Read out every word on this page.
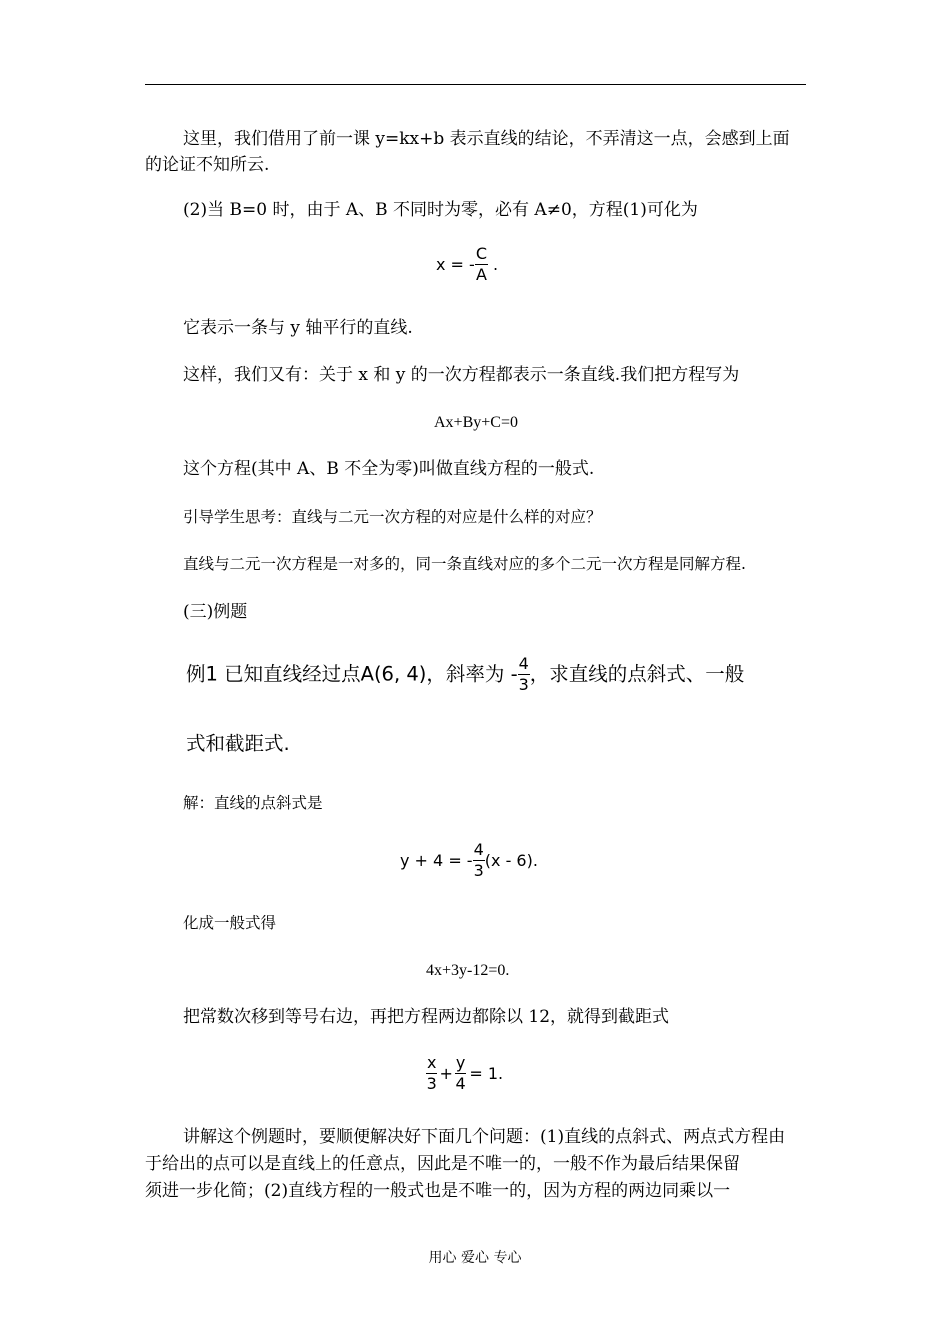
这里，我们借用了前一课 y=kx+b 表示直线的结论，不弄清这一点，会感到上面
的论证不知所云.
(2)当 B=0 时，由于 A、B 不同时为零，必有 A≠0，方程(1)可化为
x = - $\frac{C}{A}$ .
它表示一条与 y 轴平行的直线.
这样，我们又有：关于 x 和 y 的一次方程都表示一条直线.我们把方程写为
Ax+By+C=0
这个方程(其中 A、B 不全为零)叫做直线方程的一般式.
引导学生思考：直线与二元一次方程的对应是什么样的对应？
直线与二元一次方程是一对多的，同一条直线对应的多个二元一次方程是同解方程.
(三)例题
例1 已知直线经过点A(6, 4)，斜率为 - $\frac{4}{3}$ ，求直线的点斜式、一般
式和截距式.
解：直线的点斜式是
y + 4 = - $\frac{4}{3} (x - 6)$.
化成一般式得
4x+3y-12=0.
把常数次移到等号右边，再把方程两边都除以 12，就得到截距式
$\frac{x}{3} + \frac{y}{4} = 1$.
讲解这个例题时，要顺便解决好下面几个问题：(1)直线的点斜式、两点式方程由
于给出的点可以是直线上的任意点，因此是不唯一的，一般不作为最后结果保留
须进一步化简；(2)直线方程的一般式也是不唯一的，因为方程的两边同乘以一
用心 爱心 专心
